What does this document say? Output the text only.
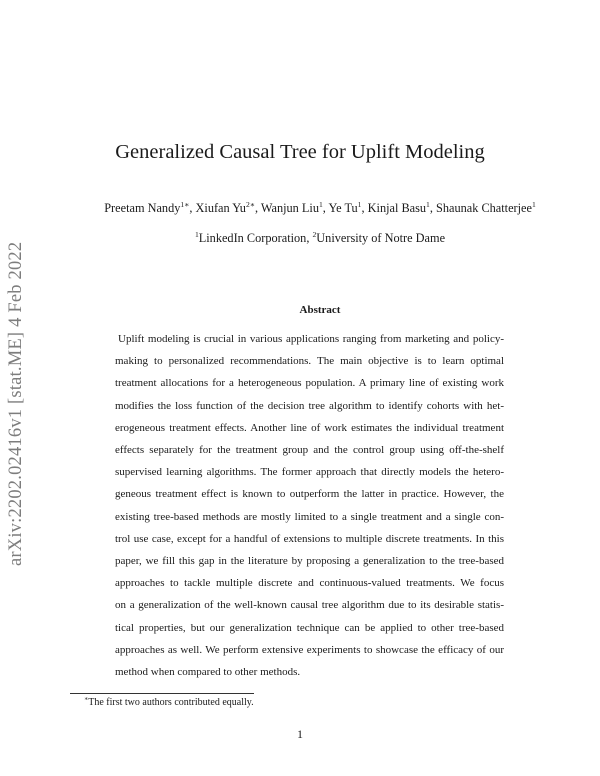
arXiv:2202.02416v1 [stat.ME] 4 Feb 2022
Generalized Causal Tree for Uplift Modeling

Preetam Nandy$^{1∗}$, Xiufan $Yu^{2∗}$, Wanjun Liu$^1$, Ye Tu$^1$, Kinjal Basu$^1$, Shaunak Chatterjee$^1$

$^1$LinkedIn Corporation, $^2$University of Notre Dame

Abstract
Uplift modeling is crucial in various applications ranging from marketing and policy-
making to personalized recommendations. The main objective is to learn optimal
treatment allocations for a heterogeneous population. A primary line of existing work
modifies the loss function of the decision tree algorithm to identify cohorts with het-
erogeneous treatment effects. Another line of work estimates the individual treatment
effects separately for the treatment group and the control group using off-the-shelf
supervised learning algorithms. The former approach that directly models the hetero-
geneous treatment effect is known to outperform the latter in practice. However, the
existing tree-based methods are mostly limited to a single treatment and a single con-
trol use case, except for a handful of extensions to multiple discrete treatments. In this
paper, we fill this gap in the literature by proposing a generalization to the tree-based
approaches to tackle multiple discrete and continuous-valued treatments. We focus
on a generalization of the well-known causal tree algorithm due to its desirable statis-
tical properties, but our generalization technique can be applied to other tree-based
approaches as well. We perform extensive experiments to showcase the efficacy of our
method when compared to other methods.

∗The first two authors contributed equally.

1
